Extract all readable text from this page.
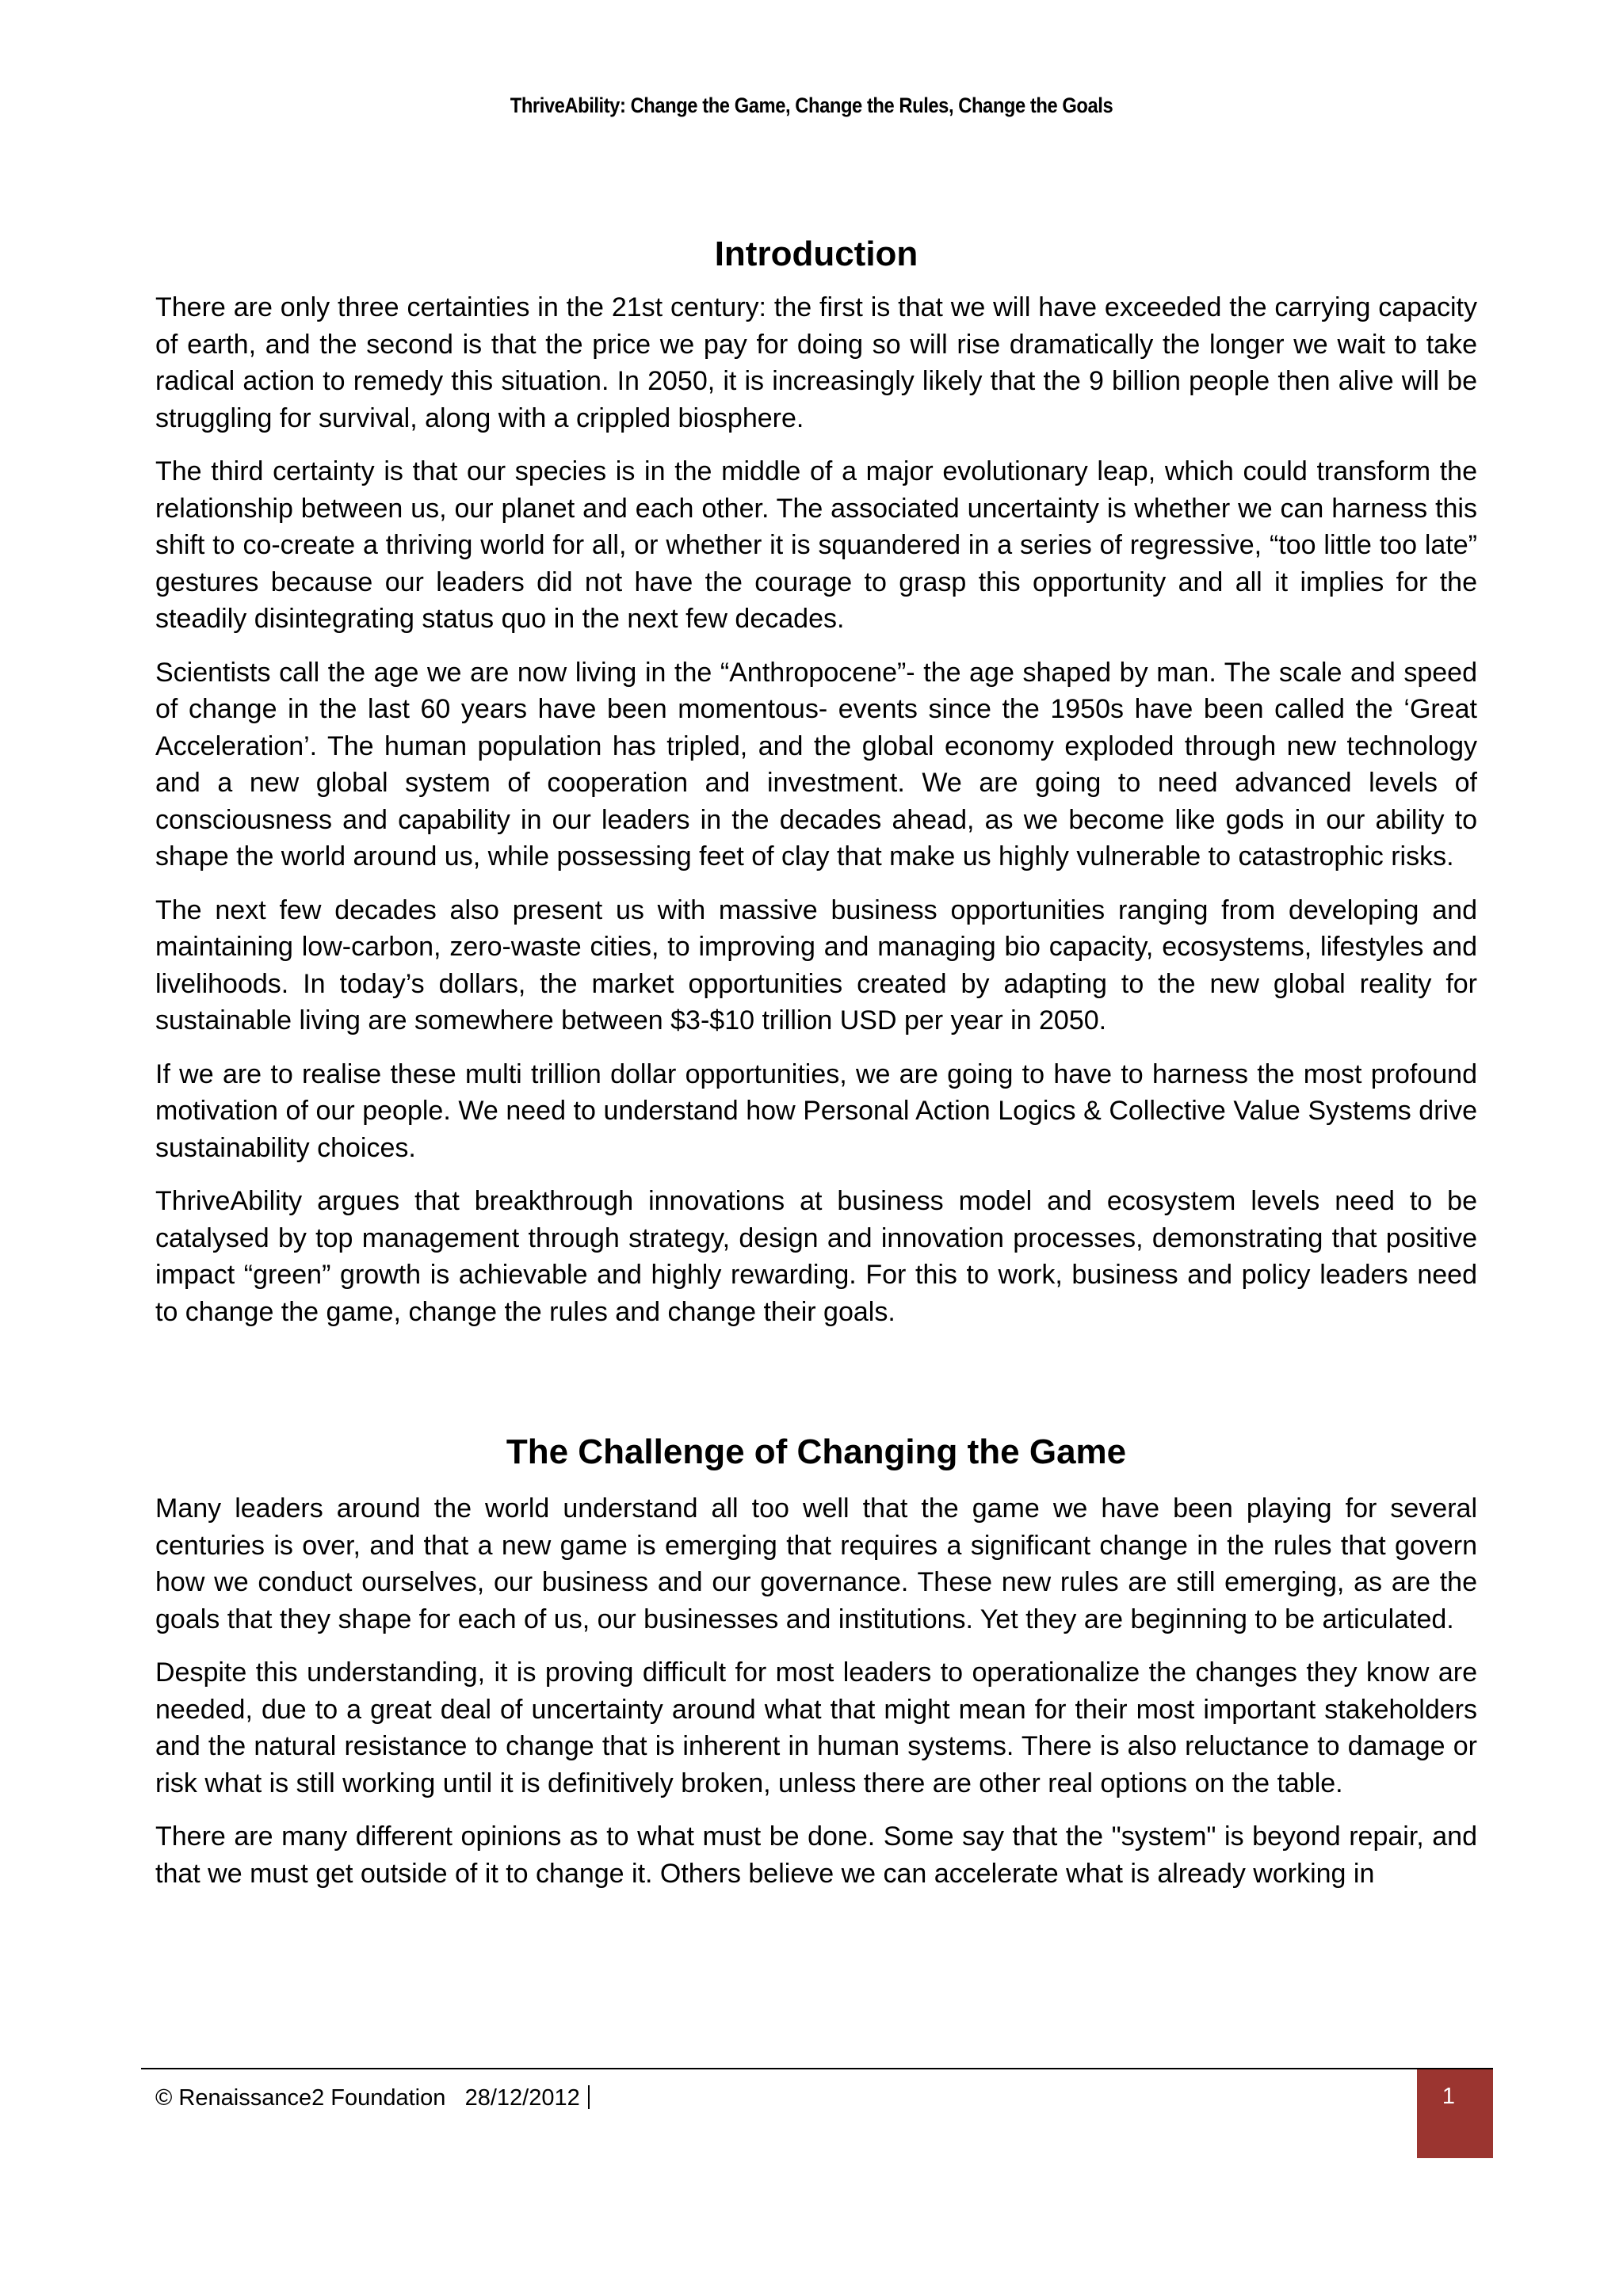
ThriveAbility: Change the Game, Change the Rules, Change the Goals
Introduction

There are only three certainties in the 21st century: the first is that we will have exceeded the carrying capacity of earth, and the second is that the price we pay for doing so will rise dramatically the longer we wait to take radical action to remedy this situation. In 2050, it is increasingly likely that the 9 billion people then alive will be struggling for survival, along with a crippled biosphere.

The third certainty is that our species is in the middle of a major evolutionary leap, which could transform the relationship between us, our planet and each other. The associated uncertainty is whether we can harness this shift to co-create a thriving world for all, or whether it is squandered in a series of regressive, “too little too late” gestures because our leaders did not have the courage to grasp this opportunity and all it implies for the steadily disintegrating status quo in the next few decades.

Scientists call the age we are now living in the “Anthropocene”- the age shaped by man. The scale and speed of change in the last 60 years have been momentous- events since the 1950s have been called the ‘Great Acceleration’. The human population has tripled, and the global economy exploded through new technology and a new global system of cooperation and investment. We are going to need advanced levels of consciousness and capability in our leaders in the decades ahead, as we become like gods in our ability to shape the world around us, while possessing feet of clay that make us highly vulnerable to catastrophic risks.

The next few decades also present us with massive business opportunities ranging from developing and maintaining low-carbon, zero-waste cities, to improving and managing bio capacity, ecosystems, lifestyles and livelihoods. In today’s dollars, the market opportunities created by adapting to the new global reality for sustainable living are somewhere between $3-$10 trillion USD per year in 2050.

If we are to realise these multi trillion dollar opportunities, we are going to have to harness the most profound motivation of our people. We need to understand how Personal Action Logics & Collective Value Systems drive sustainability choices.

ThriveAbility argues that breakthrough innovations at business model and ecosystem levels need to be catalysed by top management through strategy, design and innovation processes, demonstrating that positive impact “green” growth is achievable and highly rewarding. For this to work, business and policy leaders need to change the game, change the rules and change their goals.

The Challenge of Changing the Game

Many leaders around the world understand all too well that the game we have been playing for several centuries is over, and that a new game is emerging that requires a significant change in the rules that govern how we conduct ourselves, our business and our governance. These new rules are still emerging, as are the goals that they shape for each of us, our businesses and institutions. Yet they are beginning to be articulated.

Despite this understanding, it is proving difficult for most leaders to operationalize the changes they know are needed, due to a great deal of uncertainty around what that might mean for their most important stakeholders and the natural resistance to change that is inherent in human systems. There is also reluctance to damage or risk what is still working until it is definitively broken, unless there are other real options on the table.

There are many different opinions as to what must be done. Some say that the "system" is beyond repair, and that we must get outside of it to change it. Others believe we can accelerate what is already working in

© Renaissance2 Foundation 28/12/2012	1
